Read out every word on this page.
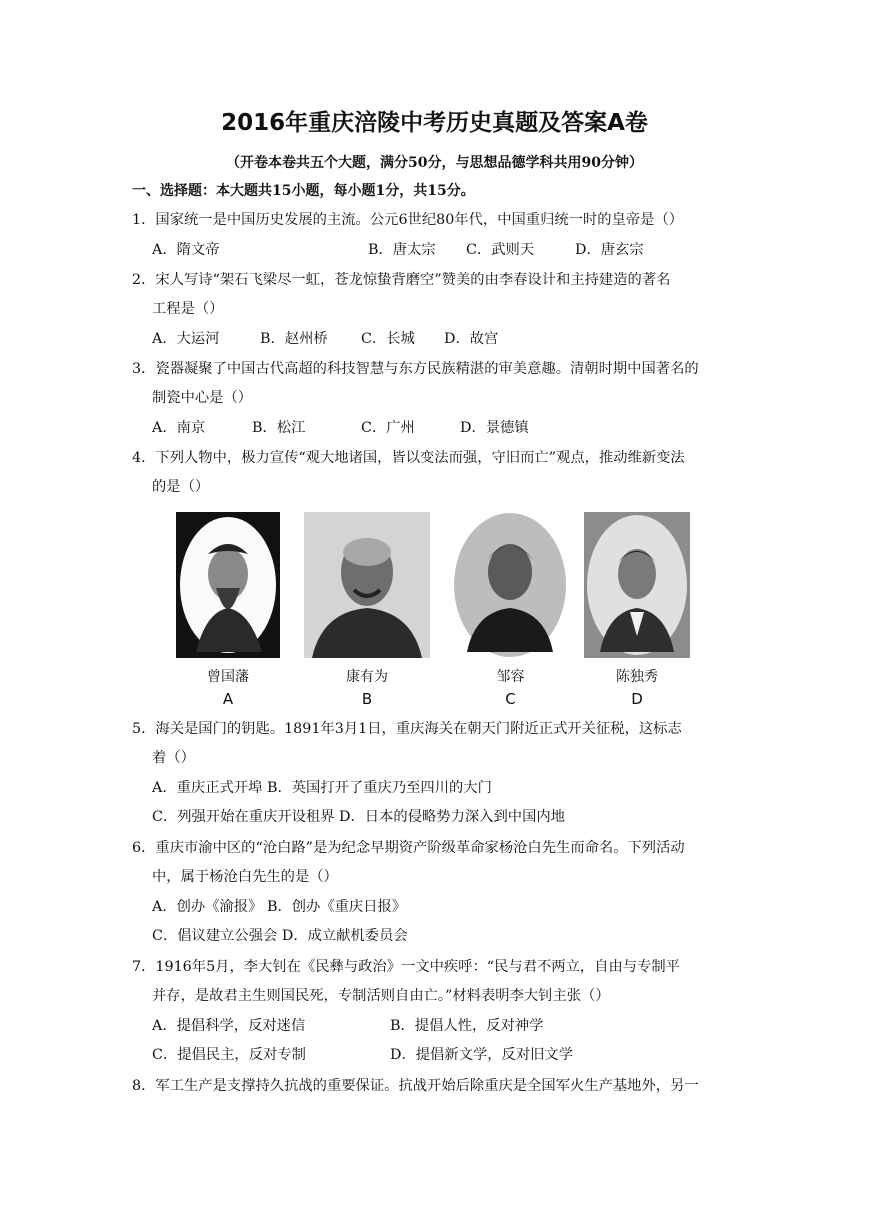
2016年重庆涪陵中考历史真题及答案A卷
（开卷本卷共五个大题，满分50分，与思想品德学科共用90分钟）
一、选择题：本大题共15小题，每小题1分，共15分。
1．国家统一是中国历史发展的主流。公元6世纪80年代，中国重归统一时的皇帝是（）
A．隋文帝	B．唐太宗 C．武则天	D．唐玄宗
2．宋人写诗“架石飞梁尽一虹，苍龙惊蛰背磨空”赞美的由李春设计和主持建造的著名
工程是（）
A．大运河	B．赵州桥 C．长城 D．故宫
3．瓷器凝聚了中国古代高超的科技智慧与东方民族精湛的审美意趣。清朝时期中国著名的
制瓷中心是（）
A．南京	B．松江	C．广州	D．景德镇
4．下列人物中，极力宣传“观大地诸国，皆以变法而强，守旧而亡”观点，推动维新变法
的是（）
曾国藩	康有为	邹容	陈独秀
A	B	C	D
5．海关是国门的钥匙。1891年3月1日，重庆海关在朝天门附近正式开关征税，这标志
着（）
A．重庆正式开埠 B．英国打开了重庆乃至四川的大门
C．列强开始在重庆开设租界 D．日本的侵略势力深入到中国内地
6．重庆市渝中区的“沧白路”是为纪念早期资产阶级革命家杨沧白先生而命名。下列活动
中，属于杨沧白先生的是（）
A．创办《渝报》 B．创办《重庆日报》
C．倡议建立公强会 D．成立献机委员会
7．1916年5月，李大钊在《民彝与政治》一文中疾呼：“民与君不两立，自由与专制平
并存，是故君主生则国民死，专制活则自由亡。”材料表明李大钊主张（）
A．提倡科学，反对迷信	B．提倡人性，反对神学
C．提倡民主，反对专制	D．提倡新文学，反对旧文学
8．军工生产是支撑持久抗战的重要保证。抗战开始后除重庆是全国军火生产基地外，另一
